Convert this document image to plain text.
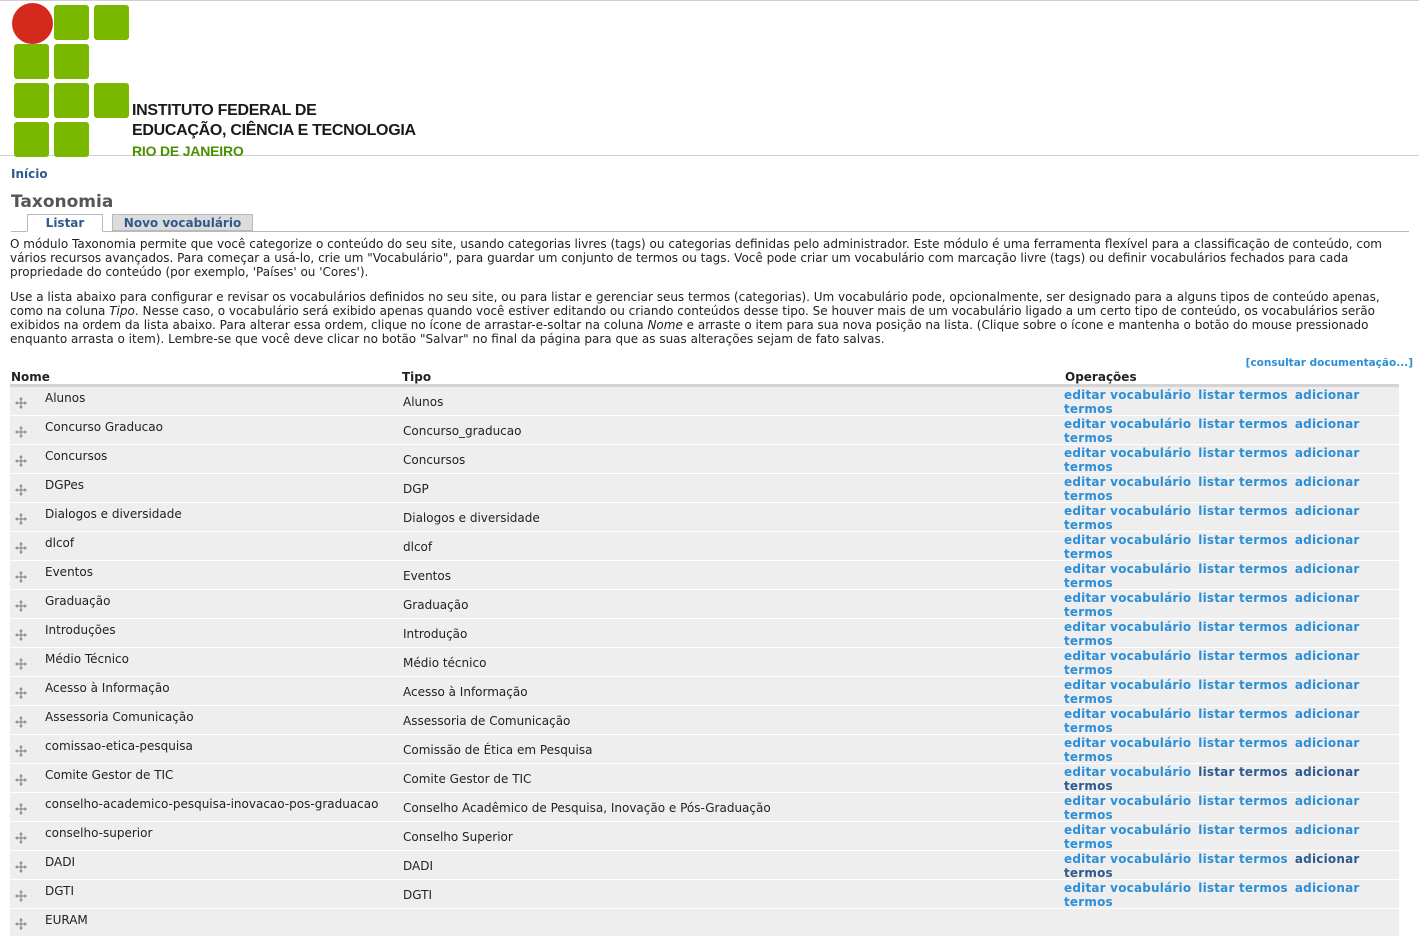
INSTITUTO FEDERAL DE
EDUCAÇÃO, CIÊNCIA E TECNOLOGIA
RIO DE JANEIRO
Início
Taxonomia
Listar	Novo vocabulário

O módulo Taxonomia permite que você categorize o conteúdo do seu site, usando categorias livres (tags) ou categorias definidas pelo administrador. Este módulo é uma ferramenta flexível para a classificação de conteúdo, com vários recursos avançados. Para começar a usá-lo, crie um "Vocabulário", para guardar um conjunto de termos ou tags. Você pode criar um vocabulário com marcação livre (tags) ou definir vocabulários fechados para cada propriedade do conteúdo (por exemplo, 'Países' ou 'Cores').

Use a lista abaixo para configurar e revisar os vocabulários definidos no seu site, ou para listar e gerenciar seus termos (categorias). Um vocabulário pode, opcionalmente, ser designado para a alguns tipos de conteúdo apenas, como na coluna Tipo. Nesse caso, o vocabulário será exibido apenas quando você estiver editando ou criando conteúdos desse tipo. Se houver mais de um vocabulário ligado a um certo tipo de conteúdo, os vocabulários serão exibidos na ordem da lista abaixo. Para alterar essa ordem, clique no ícone de arrastar-e-soltar na coluna Nome e arraste o item para sua nova posição na lista. (Clique sobre o ícone e mantenha o botão do mouse pressionado enquanto arrasta o item). Lembre-se que você deve clicar no botão "Salvar" no final da página para que as suas alterações sejam de fato salvas.

[consultar documentação...]
Nome	Tipo	Operações
Alunos	Alunos	editar vocabulário listar termos adicionar termos
Concurso Graducao	Concurso_graducao	editar vocabulário listar termos adicionar termos
Concursos	Concursos	editar vocabulário listar termos adicionar termos
DGPes	DGP	editar vocabulário listar termos adicionar termos
Dialogos e diversidade	Dialogos e diversidade	editar vocabulário listar termos adicionar termos
dlcof	dlcof	editar vocabulário listar termos adicionar termos
Eventos	Eventos	editar vocabulário listar termos adicionar termos
Graduação	Graduação	editar vocabulário listar termos adicionar termos
Introduções	Introdução	editar vocabulário listar termos adicionar termos
Médio Técnico	Médio técnico	editar vocabulário listar termos adicionar termos
Acesso à Informação	Acesso à Informação	editar vocabulário listar termos adicionar termos
Assessoria Comunicação	Assessoria de Comunicação	editar vocabulário listar termos adicionar termos
comissao-etica-pesquisa	Comissão de Ética em Pesquisa	editar vocabulário listar termos adicionar termos
Comite Gestor de TIC	Comite Gestor de TIC	editar vocabulário listar termos adicionar termos
conselho-academico-pesquisa-inovacao-pos-graduacao	Conselho Acadêmico de Pesquisa, Inovação e Pós-Graduação	editar vocabulário listar termos adicionar termos
conselho-superior	Conselho Superior	editar vocabulário listar termos adicionar termos
DADI	DADI	editar vocabulário listar termos adicionar termos
DGTI	DGTI	editar vocabulário listar termos adicionar termos
EURAM		
